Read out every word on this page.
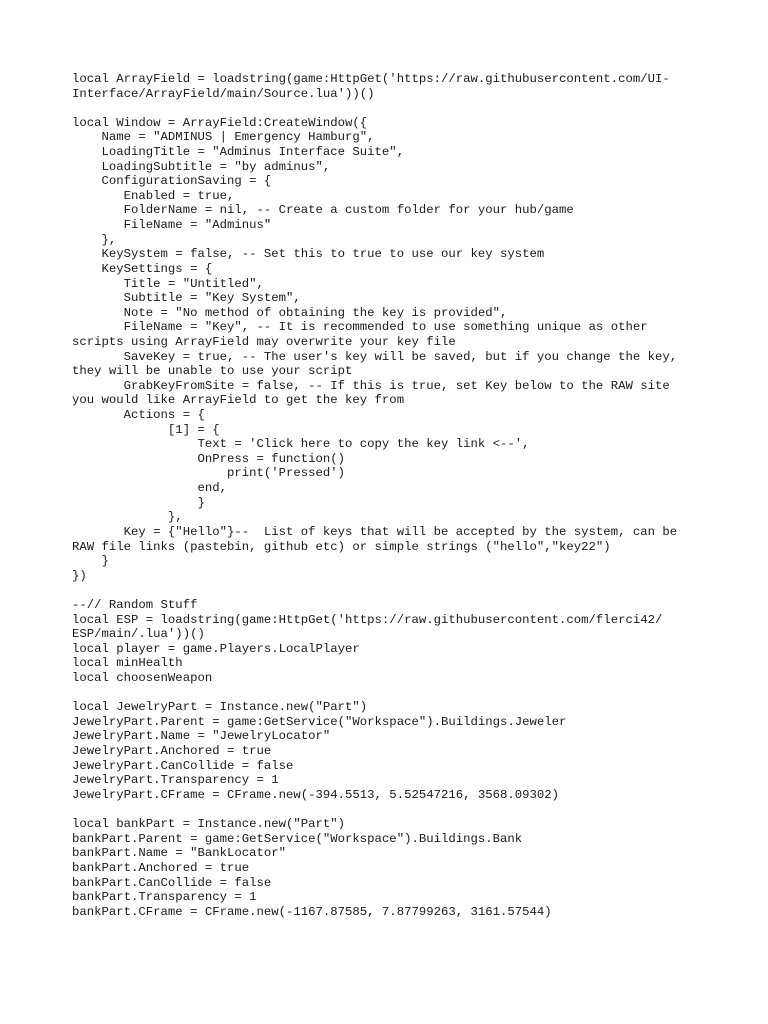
local ArrayField = loadstring(game:HttpGet('https://raw.githubusercontent.com/UI-
Interface/ArrayField/main/Source.lua'))()
local Window = ArrayField:CreateWindow({
Name = "ADMINUS | Emergency Hamburg",
LoadingTitle = "Adminus Interface Suite",
LoadingSubtitle = "by adminus",
ConfigurationSaving = {
Enabled = true,
FolderName = nil, -- Create a custom folder for your hub/game
FileName = "Adminus"
},
KeySystem = false, -- Set this to true to use our key system
KeySettings = {
Title = "Untitled",
Subtitle = "Key System",
Note = "No method of obtaining the key is provided",
FileName = "Key", -- It is recommended to use something unique as other
scripts using ArrayField may overwrite your key file
SaveKey = true, -- The user's key will be saved, but if you change the key,
they will be unable to use your script
GrabKeyFromSite = false, -- If this is true, set Key below to the RAW site
you would like ArrayField to get the key from
Actions = {
[1] = {
Text = 'Click here to copy the key link <--',
OnPress = function()
print('Pressed')
end,
}
},
Key = {"Hello"}--  List of keys that will be accepted by the system, can be
RAW file links (pastebin, github etc) or simple strings ("hello","key22")
}
})
--// Random Stuff
local ESP = loadstring(game:HttpGet('https://raw.githubusercontent.com/flerci42/
ESP/main/.lua'))()
local player = game.Players.LocalPlayer
local minHealth
local choosenWeapon
local JewelryPart = Instance.new("Part")
JewelryPart.Parent = game:GetService("Workspace").Buildings.Jeweler
JewelryPart.Name = "JewelryLocator"
JewelryPart.Anchored = true
JewelryPart.CanCollide = false
JewelryPart.Transparency = 1
JewelryPart.CFrame = CFrame.new(-394.5513, 5.52547216, 3568.09302)
local bankPart = Instance.new("Part")
bankPart.Parent = game:GetService("Workspace").Buildings.Bank
bankPart.Name = "BankLocator"
bankPart.Anchored = true
bankPart.CanCollide = false
bankPart.Transparency = 1
bankPart.CFrame = CFrame.new(-1167.87585, 7.87799263, 3161.57544)
